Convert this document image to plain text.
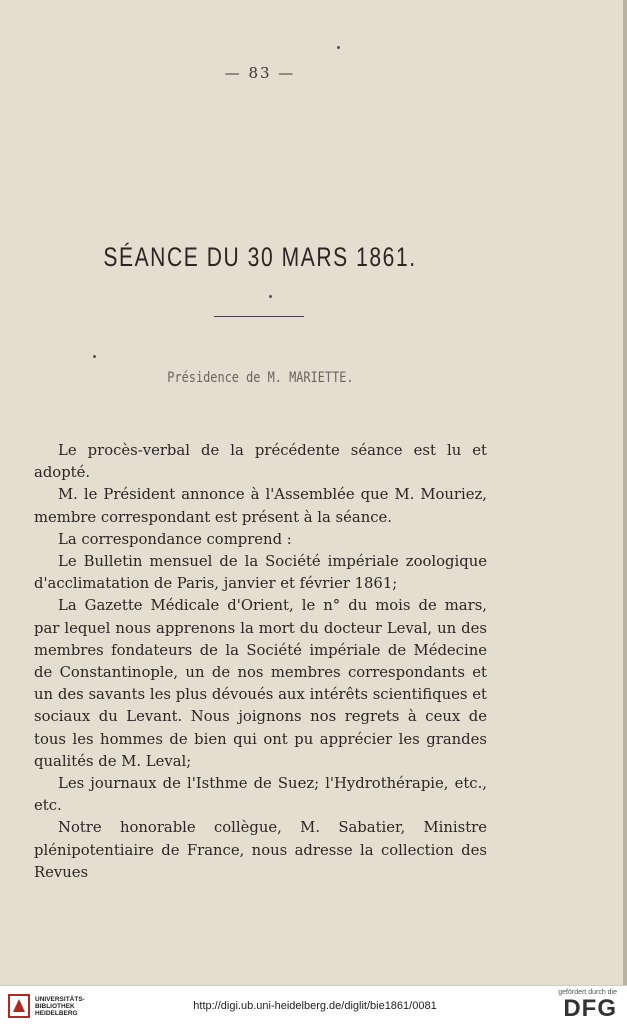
— 83 —
SÉANCE DU 30 MARS 1861.
Présidence de M. MARIETTE.

Le procès-verbal de la précédente séance est lu et adopté.

M. le Président annonce à l'Assemblée que M. Mouriez, membre correspondant est présent à la séance.

La correspondance comprend :

Le Bulletin mensuel de la Société impériale zoologique d'acclimatation de Paris, janvier et février 1861;

La Gazette Médicale d'Orient, le n° du mois de mars, par lequel nous apprenons la mort du docteur Leval, un des membres fondateurs de la Société impériale de Médecine de Constantinople, un de nos membres correspondants et un des savants les plus dévoués aux intérêts scientifiques et sociaux du Levant. Nous joignons nos regrets à ceux de tous les hommes de bien qui ont pu apprécier les grandes qualités de M. Leval;

Les journaux de l'Isthme de Suez; l'Hydrothérapie, etc., etc.

Notre honorable collègue, M. Sabatier, Ministre plénipotentiaire de France, nous adresse la collection des Revues

UNIVERSITÄTS-
BIBLIOTHEK
HEIDELBERG
http://digi.ub.uni-heidelberg.de/diglit/bie1861/0081
gefördert durch die
DFG
